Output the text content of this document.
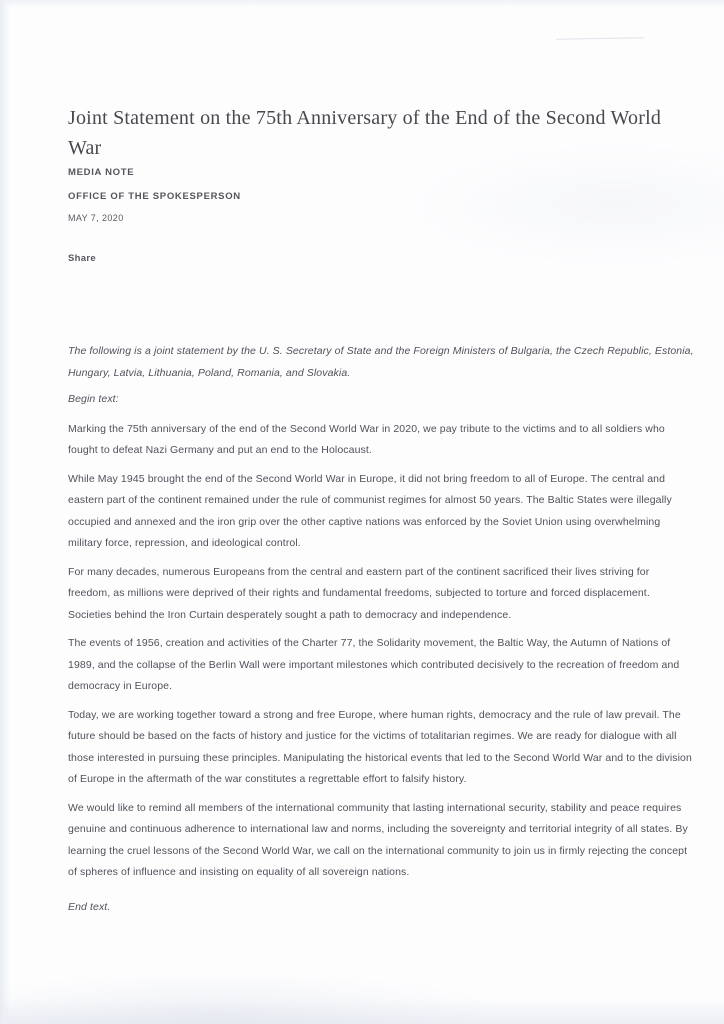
Joint Statement on the 75th Anniversary of the End of the Second World War
MEDIA NOTE
OFFICE OF THE SPOKESPERSON
MAY 7, 2020
Share

The following is a joint statement by the U. S. Secretary of State and the Foreign Ministers of Bulgaria, the Czech Republic, Estonia, Hungary, Latvia, Lithuania, Poland, Romania, and Slovakia.

Begin text:

Marking the 75th anniversary of the end of the Second World War in 2020, we pay tribute to the victims and to all soldiers who fought to defeat Nazi Germany and put an end to the Holocaust.

While May 1945 brought the end of the Second World War in Europe, it did not bring freedom to all of Europe. The central and eastern part of the continent remained under the rule of communist regimes for almost 50 years. The Baltic States were illegally occupied and annexed and the iron grip over the other captive nations was enforced by the Soviet Union using overwhelming military force, repression, and ideological control.

For many decades, numerous Europeans from the central and eastern part of the continent sacrificed their lives striving for freedom, as millions were deprived of their rights and fundamental freedoms, subjected to torture and forced displacement. Societies behind the Iron Curtain desperately sought a path to democracy and independence.

The events of 1956, creation and activities of the Charter 77, the Solidarity movement, the Baltic Way, the Autumn of Nations of 1989, and the collapse of the Berlin Wall were important milestones which contributed decisively to the recreation of freedom and democracy in Europe.

Today, we are working together toward a strong and free Europe, where human rights, democracy and the rule of law prevail. The future should be based on the facts of history and justice for the victims of totalitarian regimes. We are ready for dialogue with all those interested in pursuing these principles. Manipulating the historical events that led to the Second World War and to the division of Europe in the aftermath of the war constitutes a regrettable effort to falsify history.

We would like to remind all members of the international community that lasting international security, stability and peace requires genuine and continuous adherence to international law and norms, including the sovereignty and territorial integrity of all states. By learning the cruel lessons of the Second World War, we call on the international community to join us in firmly rejecting the concept of spheres of influence and insisting on equality of all sovereign nations.

End text.
